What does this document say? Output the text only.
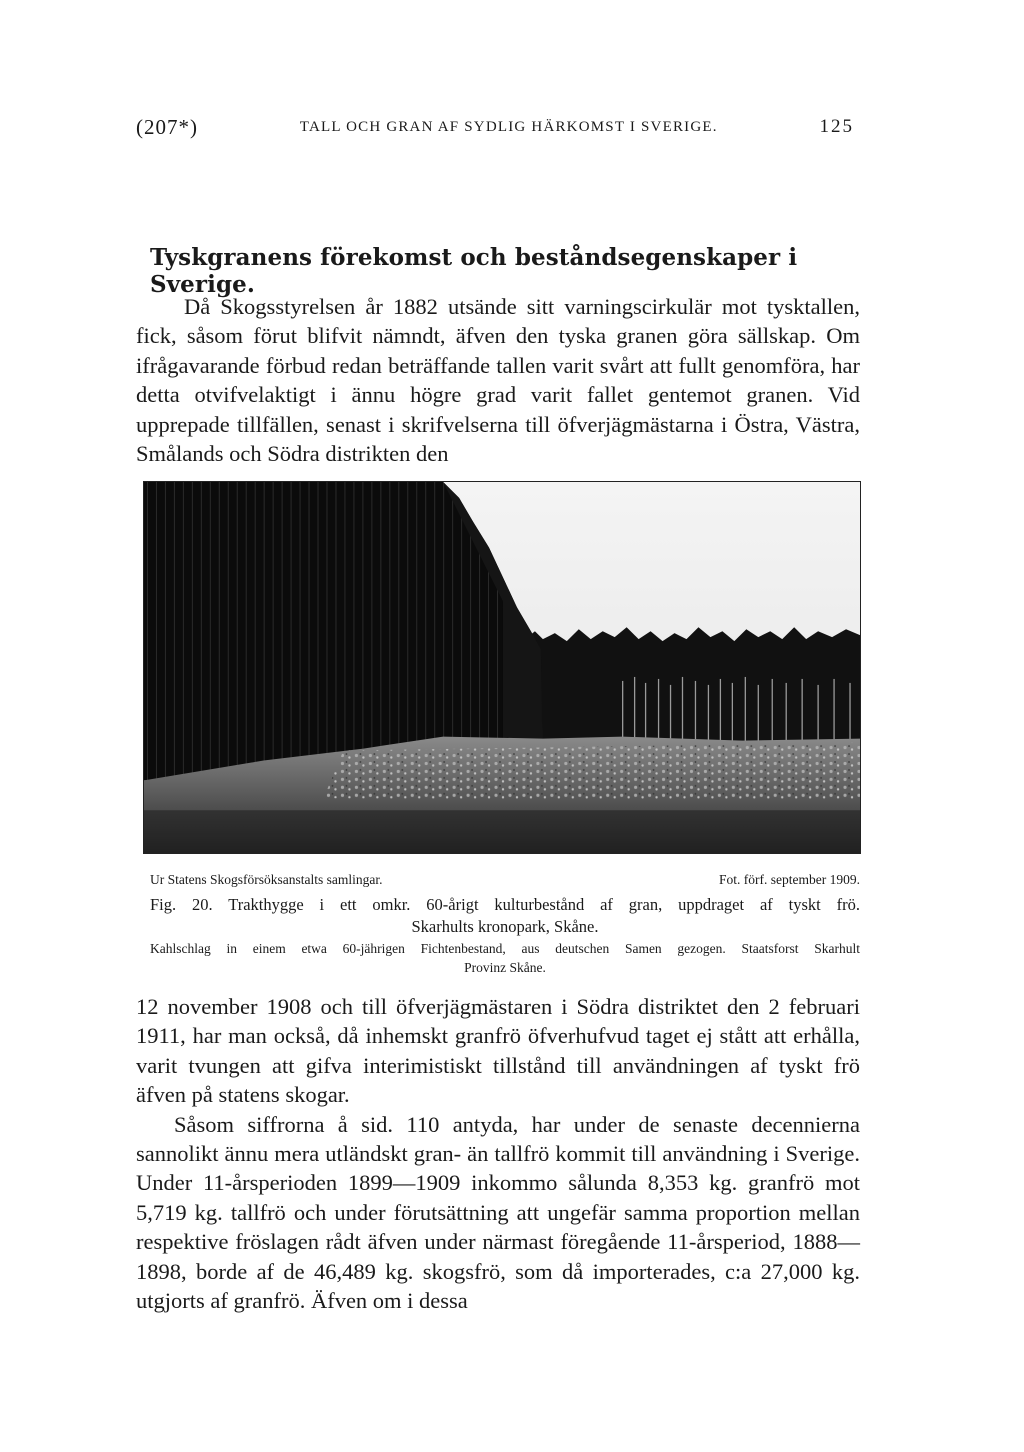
(207*)	TALL OCH GRAN AF SYDLIG HÄRKOMST I SVERIGE.	125
Tyskgranens förekomst och beståndsegenskaper i Sverige.

Då Skogsstyrelsen år 1882 utsände sitt varningscirkulär mot tysktallen, fick, såsom förut blifvit nämndt, äfven den tyska granen göra sällskap. Om ifrågavarande förbud redan beträffande tallen varit svårt att fullt genomföra, har detta otvifvelaktigt i ännu högre grad varit fallet gentemot granen. Vid upprepade tillfällen, senast i skrifvelserna till öfverjägmästarna i Östra, Västra, Smålands och Södra distrikten den

Ur Statens Skogsförsöksanstalts samlingar.	Fot. förf. september 1909.
Fig. 20. Trakthygge i ett omkr. 60-årigt kulturbestånd af gran, uppdraget af tyskt frö.
Skarhults kronopark, Skåne.
Kahlschlag in einem etwa 60-jährigen Fichtenbestand, aus deutschen Samen gezogen. Staatsforst Skarhult
Provinz Skåne.

12 november 1908 och till öfverjägmästaren i Södra distriktet den 2 februari 1911, har man också, då inhemskt granfrö öfverhufvud taget ej stått att erhålla, varit tvungen att gifva interimistiskt tillstånd till användningen af tyskt frö äfven på statens skogar.

Såsom siffrorna å sid. 110 antyda, har under de senaste decennierna sannolikt ännu mera utländskt gran- än tallfrö kommit till användning i Sverige. Under 11-årsperioden 1899—1909 inkommo sålunda 8,353 kg. granfrö mot 5,719 kg. tallfrö och under förutsättning att ungefär samma proportion mellan respektive fröslagen rådt äfven under närmast föregående 11-årsperiod, 1888—1898, borde af de 46,489 kg. skogsfrö, som då importerades, c:a 27,000 kg. utgjorts af granfrö. Äfven om i dessa
